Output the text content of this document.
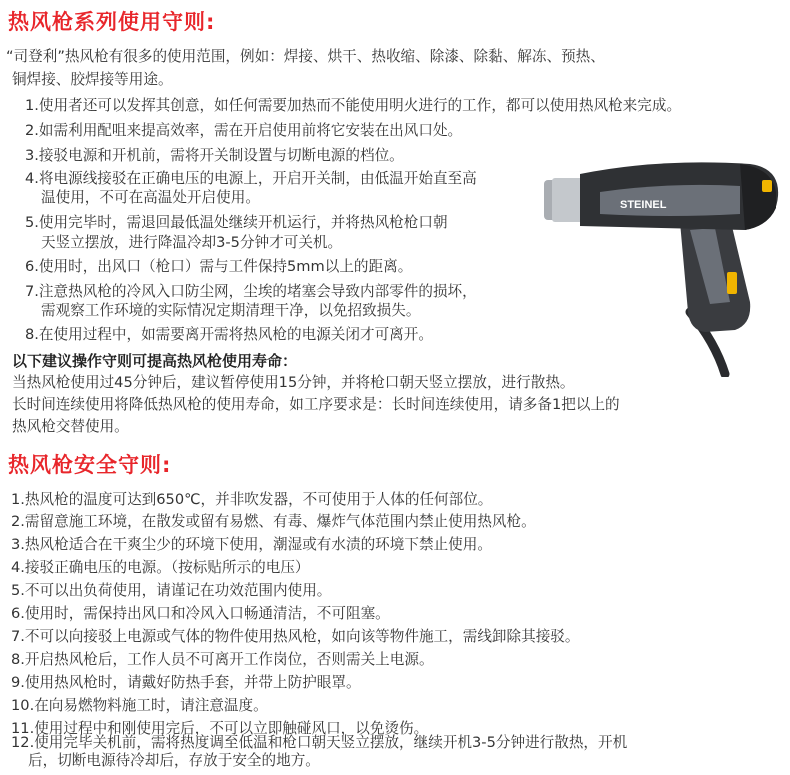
热风枪系列使用守则:

“司登利”热风枪有很多的使用范围，例如：焊接、烘干、热收缩、除漆、除黏、解冻、预热、

铜焊接、胶焊接等用途。

1.使用者还可以发挥其创意，如任何需要加热而不能使用明火进行的工作，都可以使用热风枪来完成。

2.如需利用配咀来提高效率，需在开启使用前将它安装在出风口处。

3.接驳电源和开机前，需将开关制设置与切断电源的档位。

4.将电源线接驳在正确电压的电源上，开启开关制，由低温开始直至高

温使用，不可在高温处开启使用。

5.使用完毕时，需退回最低温处继续开机运行，并将热风枪枪口朝

天竖立摆放，进行降温冷却3-5分钟才可关机。

6.使用时，出风口（枪口）需与工件保持5mm以上的距离。

7.注意热风枪的冷风入口防尘网，尘埃的堵塞会导致内部零件的损坏，

需观察工作环境的实际情况定期清理干净，以免招致损失。

8.在使用过程中，如需要离开需将热风枪的电源关闭才可离开。

以下建议操作守则可提高热风枪使用寿命：

当热风枪使用过45分钟后，建议暂停使用15分钟，并将枪口朝天竖立摆放，进行散热。

长时间连续使用将降低热风枪的使用寿命，如工序要求是：长时间连续使用，请多备1把以上的

热风枪交替使用。

STEINEL
热风枪安全守则:

1.热风枪的温度可达到650℃，并非吹发器，不可使用于人体的任何部位。

2.需留意施工环境，在散发或留有易燃、有毒、爆炸气体范围内禁止使用热风枪。

3.热风枪适合在干爽尘少的环境下使用，潮湿或有水渍的环境下禁止使用。

4.接驳正确电压的电源。（按标贴所示的电压）

5.不可以出负荷使用，请谨记在功效范围内使用。

6.使用时，需保持出风口和冷风入口畅通清洁，不可阻塞。

7.不可以向接驳上电源或气体的物件使用热风枪，如向该等物件施工，需线卸除其接驳。

8.开启热风枪后，工作人员不可离开工作岗位，否则需关上电源。

9.使用热风枪时，请戴好防热手套，并带上防护眼罩。

10.在向易燃物料施工时，请注意温度。

11.使用过程中和刚使用完后，不可以立即触碰风口，以免烫伤。

12.使用完毕关机前，需将热度调至低温和枪口朝天竖立摆放，继续开机3-5分钟进行散热，开机

后，切断电源待冷却后，存放于安全的地方。
